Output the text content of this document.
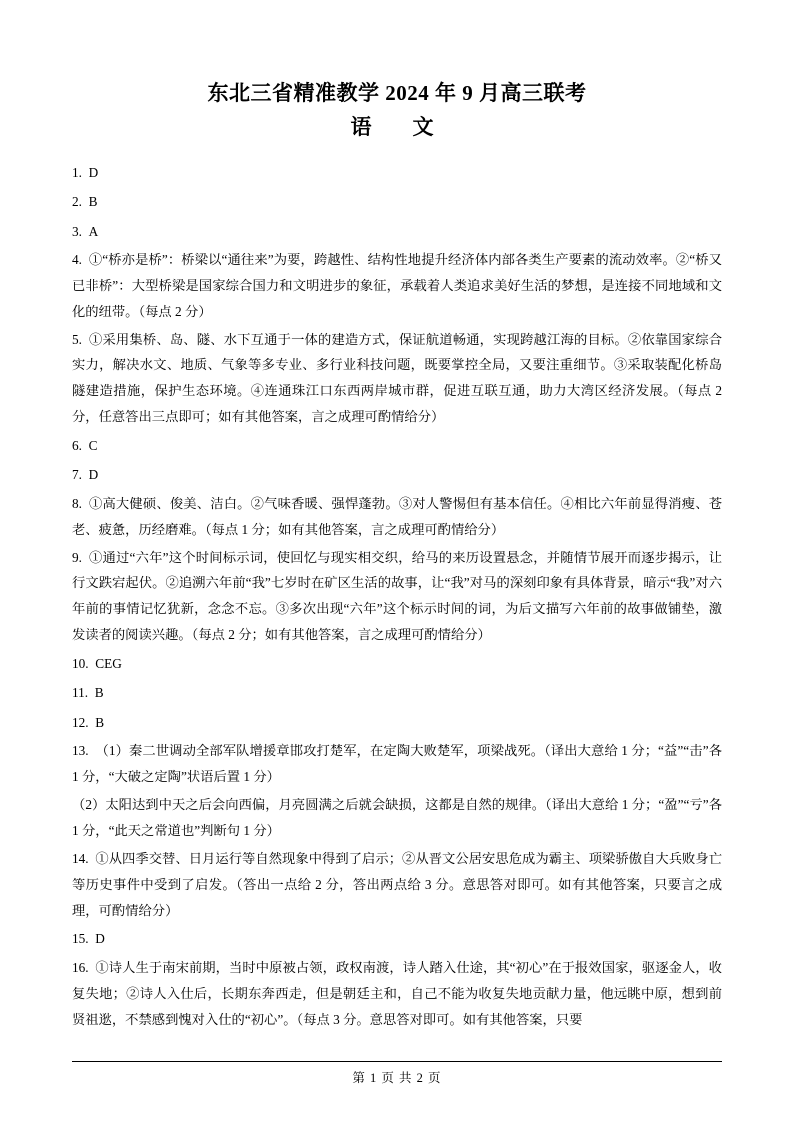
东北三省精准教学 2024 年 9 月高三联考
语　文

1. D

2. B

3. A

4. ①“桥亦是桥”：桥梁以“通往来”为要，跨越性、结构性地提升经济体内部各类生产要素的流动效率。②“桥又已非桥”：大型桥梁是国家综合国力和文明进步的象征，承载着人类追求美好生活的梦想，是连接不同地域和文化的纽带。（每点 2 分）

5. ①采用集桥、岛、隧、水下互通于一体的建造方式，保证航道畅通，实现跨越江海的目标。②依靠国家综合实力，解决水文、地质、气象等多专业、多行业科技问题，既要掌控全局，又要注重细节。③采取装配化桥岛隧建造措施，保护生态环境。④连通珠江口东西两岸城市群，促进互联互通，助力大湾区经济发展。（每点 2 分，任意答出三点即可；如有其他答案，言之成理可酌情给分）

6. C

7. D

8. ①高大健硕、俊美、洁白。②气味香暖、强悍蓬勃。③对人警惕但有基本信任。④相比六年前显得消瘦、苍老、疲惫，历经磨难。（每点 1 分；如有其他答案，言之成理可酌情给分）

9. ①通过“六年”这个时间标示词，使回忆与现实相交织，给马的来历设置悬念，并随情节展开而逐步揭示，让行文跌宕起伏。②追溯六年前“我”七岁时在矿区生活的故事，让“我”对马的深刻印象有具体背景，暗示“我”对六年前的事情记忆犹新，念念不忘。③多次出现“六年”这个标示时间的词，为后文描写六年前的故事做铺垫，激发读者的阅读兴趣。（每点 2 分；如有其他答案，言之成理可酌情给分）

10. CEG

11. B

12. B

13. （1）秦二世调动全部军队增援章邯攻打楚军，在定陶大败楚军，项梁战死。（译出大意给 1 分；“益”“击”各 1 分，“大破之定陶”状语后置 1 分）

（2）太阳达到中天之后会向西偏，月亮圆满之后就会缺损，这都是自然的规律。（译出大意给 1 分；“盈”“亏”各 1 分，“此天之常道也”判断句 1 分）

14. ①从四季交替、日月运行等自然现象中得到了启示；②从晋文公居安思危成为霸主、项梁骄傲自大兵败身亡等历史事件中受到了启发。（答出一点给 2 分，答出两点给 3 分。意思答对即可。如有其他答案，只要言之成理，可酌情给分）

15. D

16. ①诗人生于南宋前期，当时中原被占领，政权南渡，诗人踏入仕途，其“初心”在于报效国家，驱逐金人，收复失地；②诗人入仕后，长期东奔西走，但是朝廷主和，自己不能为收复失地贡献力量，他远眺中原，想到前贤祖逖，不禁感到愧对入仕的“初心”。（每点 3 分。意思答对即可。如有其他答案，只要

第 1 页 共 2 页
